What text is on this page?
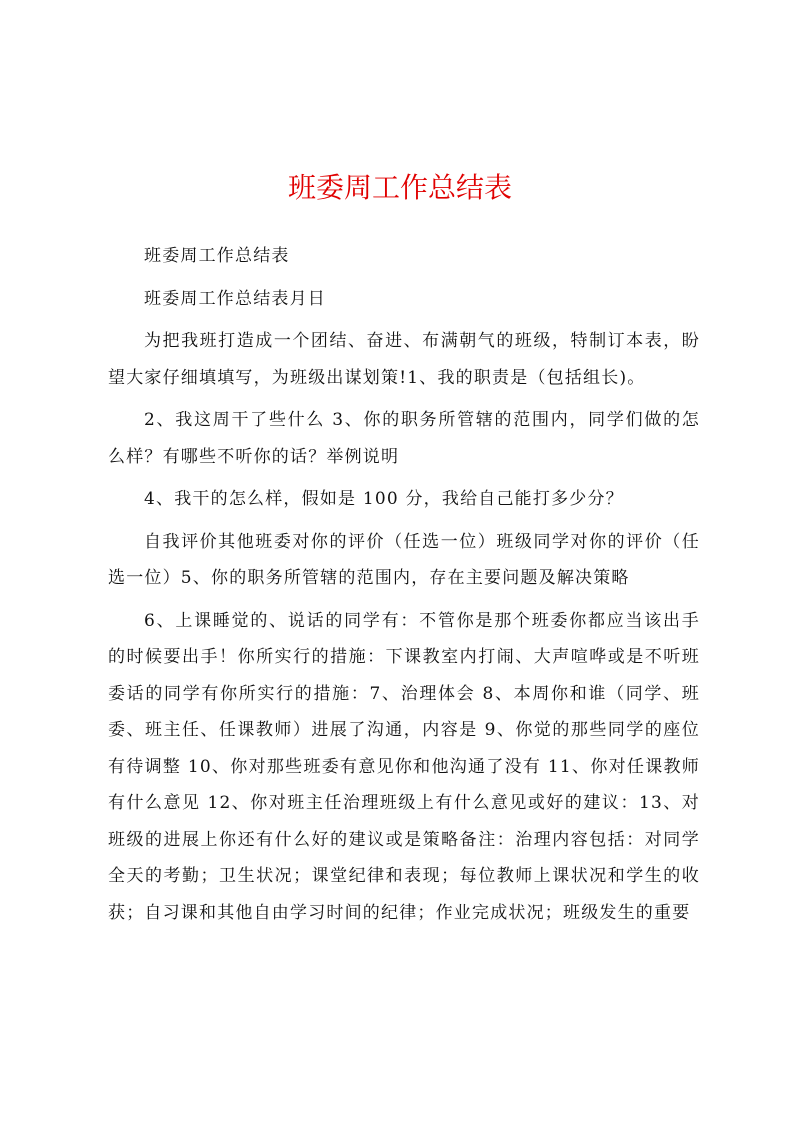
班委周工作总结表

班委周工作总结表

班委周工作总结表月日

为把我班打造成一个团结、奋进、布满朝气的班级，特制订本表，盼望大家仔细填填写，为班级出谋划策!1、我的职责是（包括组长)。

2、我这周干了些什么 3、你的职务所管辖的范围内，同学们做的怎么样？有哪些不听你的话？举例说明

4、我干的怎么样，假如是 100 分，我给自己能打多少分？

自我评价其他班委对你的评价（任选一位）班级同学对你的评价（任选一位）5、你的职务所管辖的范围内，存在主要问题及解决策略

6、上课睡觉的、说话的同学有：不管你是那个班委你都应当该出手的时候要出手！你所实行的措施：下课教室内打闹、大声喧哗或是不听班委话的同学有你所实行的措施：7、治理体会 8、本周你和谁（同学、班委、班主任、任课教师）进展了沟通，内容是 9、你觉的那些同学的座位有待调整 10、你对那些班委有意见你和他沟通了没有 11、你对任课教师有什么意见 12、你对班主任治理班级上有什么意见或好的建议：13、对班级的进展上你还有什么好的建议或是策略备注：治理内容包括：对同学全天的考勤；卫生状况；课堂纪律和表现；每位教师上课状况和学生的收获；自习课和其他自由学习时间的纪律；作业完成状况；班级发生的重要
